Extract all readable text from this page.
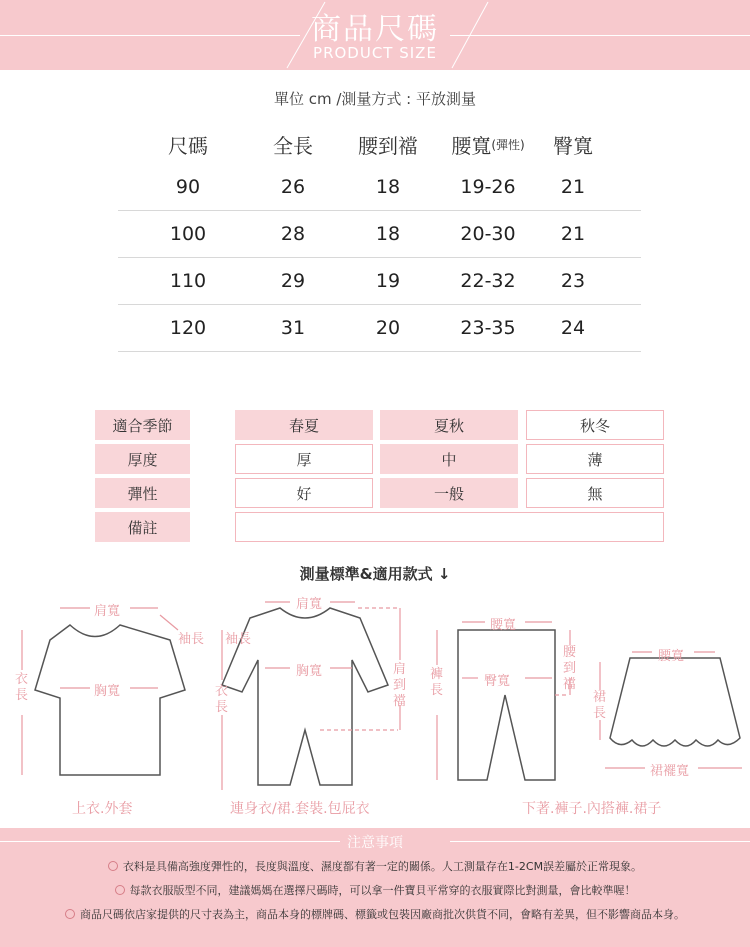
商品尺碼
PRODUCT SIZE
單位 cm /測量方式 : 平放測量
尺碼	全長	腰到襠	腰寬 (彈性)	臀寬
90	26	18	19-26	21
100	28	18	20-30	21
110	29	19	22-32	23
120	31	20	23-35	24
適合季節	春夏	夏秋	秋冬
厚度	厚	中	薄
彈性	好	一般	無
備註
測量標準&適用款式 ↓
肩寬
袖長
胸寬
衣長
肩寬
袖長
胸寬
衣長
肩到襠
腰寬
臀寬
褲長
腰到襠
腰寬
裙長
裙襬寬
上衣.外套	連身衣/裙.套裝.包屁衣	下著.褲子.內搭褲.裙子
注意事項
衣料是具備高強度彈性的，長度與溫度、濕度都有著一定的關係。人工測量存在1-2CM誤差屬於正常現象。
每款衣服版型不同，建議媽媽在選擇尺碼時，可以拿一件寶貝平常穿的衣服實際比對測量，會比較準喔！
商品尺碼依店家提供的尺寸表為主，商品本身的標牌碼、標籤或包裝因廠商批次供貨不同，會略有差異，但不影響商品本身。
